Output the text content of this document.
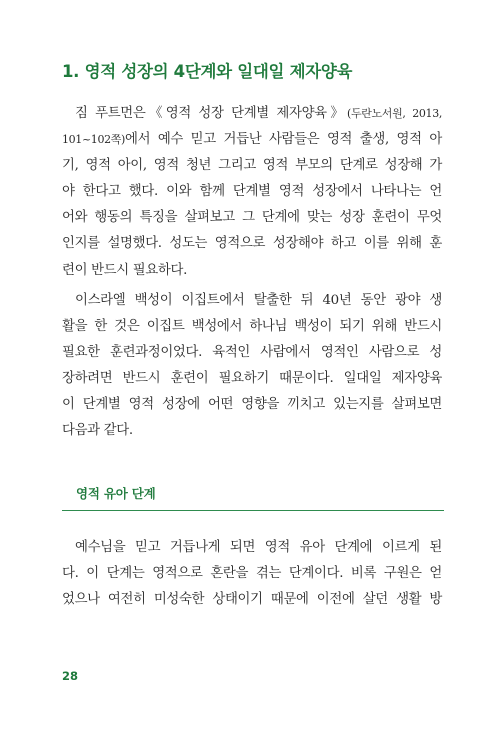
1. 영적 성장의 4단계와 일대일 제자양육
짐 푸트먼은《영적 성장 단계별 제자양육》(두란노서원, 2013,
101~102쪽)에서 예수 믿고 거듭난 사람들은 영적 출생, 영적 아
기, 영적 아이, 영적 청년 그리고 영적 부모의 단계로 성장해 가
야 한다고 했다. 이와 함께 단계별 영적 성장에서 나타나는 언
어와 행동의 특징을 살펴보고 그 단계에 맞는 성장 훈련이 무엇
인지를 설명했다. 성도는 영적으로 성장해야 하고 이를 위해 훈
련이 반드시 필요하다.
이스라엘 백성이 이집트에서 탈출한 뒤 40년 동안 광야 생
활을 한 것은 이집트 백성에서 하나님 백성이 되기 위해 반드시
필요한 훈련과정이었다. 육적인 사람에서 영적인 사람으로 성
장하려면 반드시 훈련이 필요하기 때문이다. 일대일 제자양육
이 단계별 영적 성장에 어떤 영향을 끼치고 있는지를 살펴보면
다음과 같다.
영적 유아 단계
예수님을 믿고 거듭나게 되면 영적 유아 단계에 이르게 된
다. 이 단계는 영적으로 혼란을 겪는 단계이다. 비록 구원은 얻
었으나 여전히 미성숙한 상태이기 때문에 이전에 살던 생활 방
28
